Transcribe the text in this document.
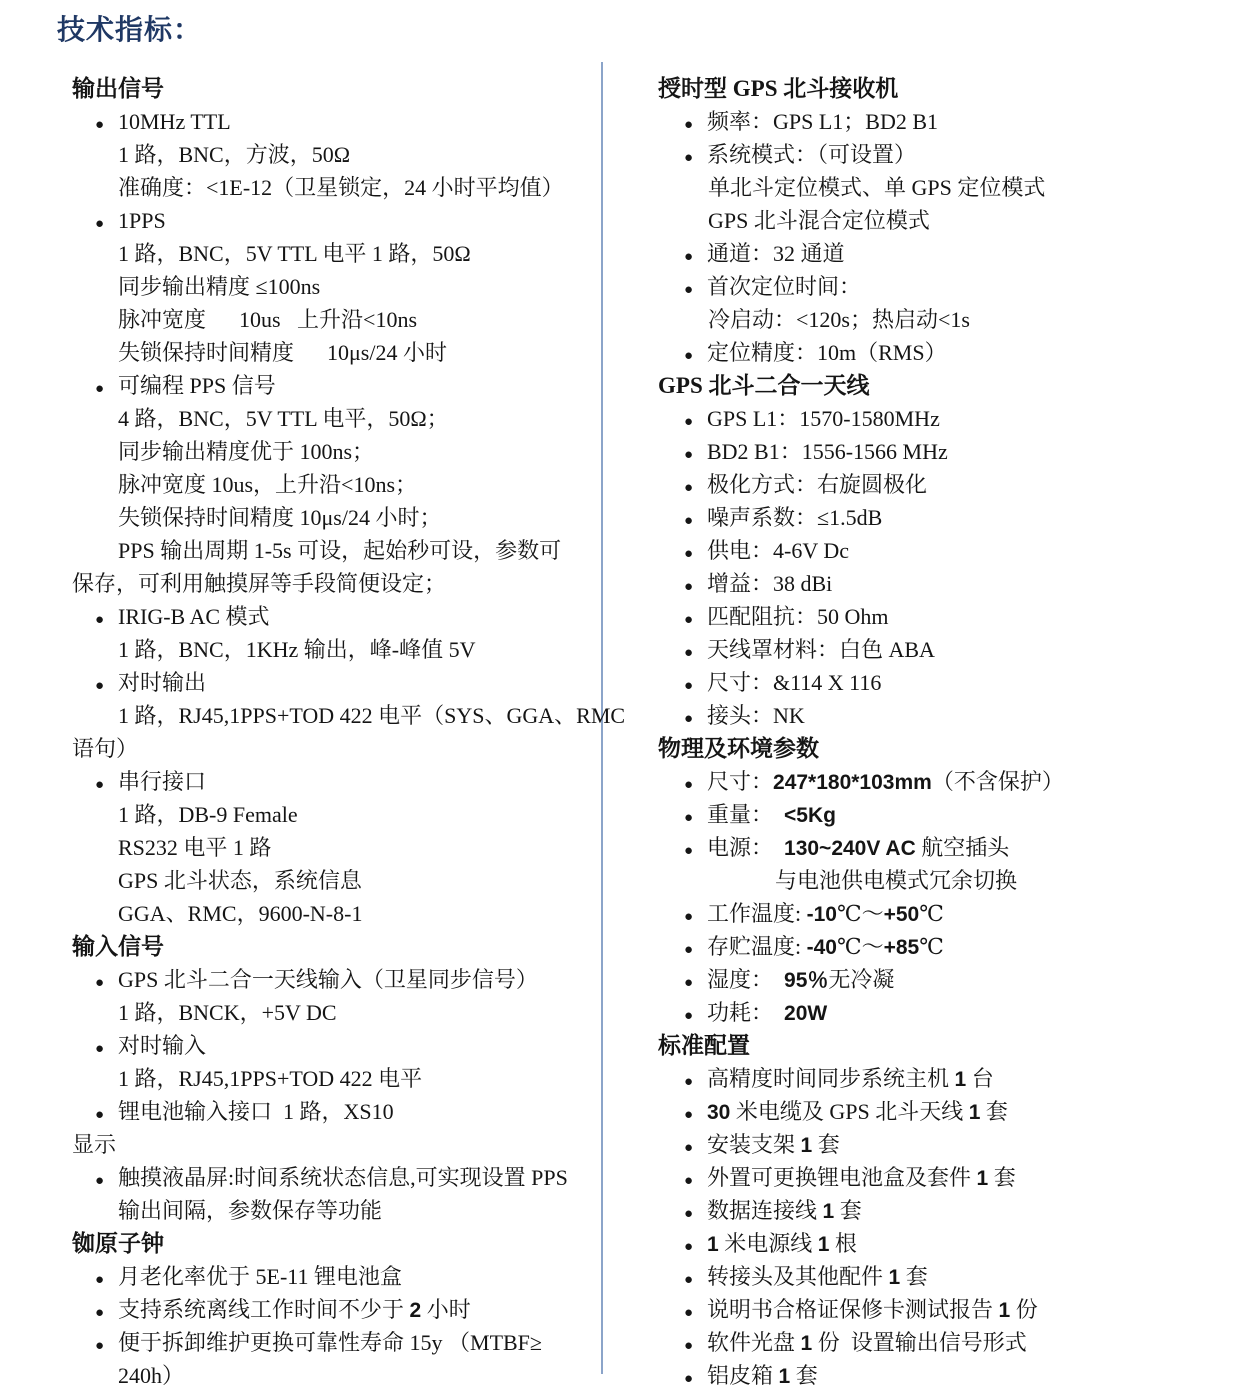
技术指标：
输出信号
● 10MHz TTL
1 路，BNC，方波，50Ω
准确度：<1E-12（卫星锁定，24 小时平均值）
● 1PPS
1 路，BNC，5V TTL 电平 1 路，50Ω
同步输出精度 ≤100ns
脉冲宽度      10us   上升沿<10ns
失锁保持时间精度      10μs/24 小时
● 可编程 PPS 信号
4 路，BNC，5V TTL 电平，50Ω；
同步输出精度优于 100ns；
脉冲宽度 10us，上升沿<10ns；
失锁保持时间精度 10μs/24 小时；
PPS 输出周期 1-5s 可设，起始秒可设，参数可
保存，可利用触摸屏等手段简便设定；
● IRIG-B AC 模式
1 路，BNC，1KHz 输出，峰-峰值 5V
● 对时输出
1 路，RJ45,1PPS+TOD 422 电平（SYS、GGA、RMC
语句）
● 串行接口
1 路，DB-9 Female
RS232 电平 1 路
GPS 北斗状态，系统信息
GGA、RMC，9600-N-8-1
输入信号
● GPS 北斗二合一天线输入（卫星同步信号）
1 路，BNCK，+5V DC
● 对时输入
1 路，RJ45,1PPS+TOD 422 电平
● 锂电池输入接口  1 路，XS10
显示
● 触摸液晶屏:时间系统状态信息,可实现设置 PPS
输出间隔，参数保存等功能
铷原子钟
● 月老化率优于 5E-11 锂电池盒
● 支持系统离线工作时间不少于 2 小时
● 便于拆卸维护更换可靠性寿命 15y （MTBF≥
240h）
授时型 GPS 北斗接收机
● 频率：GPS L1；BD2 B1
● 系统模式：（可设置）
单北斗定位模式、单 GPS 定位模式
GPS 北斗混合定位模式
● 通道：32 通道
● 首次定位时间：
冷启动：<120s；热启动<1s
● 定位精度：10m（RMS）
GPS 北斗二合一天线
● GPS L1：1570-1580MHz
● BD2 B1：1556-1566 MHz
● 极化方式：右旋圆极化
● 噪声系数：≤1.5dB
● 供电：4-6V Dc
● 增益：38 dBi
● 匹配阻抗：50 Ohm
● 天线罩材料：白色 ABA
● 尺寸：&114 X 116
● 接头：NK
物理及环境参数
● 尺寸：247*180*103mm（不含保护）
● 重量：  <5Kg
● 电源：  130~240V AC 航空插头
与电池供电模式冗余切换
● 工作温度: -10℃～+50℃
● 存贮温度: -40℃～+85℃
● 湿度：  95％无冷凝
● 功耗：  20W
标准配置
● 高精度时间同步系统主机 1 台
● 30 米电缆及 GPS 北斗天线 1 套
● 安装支架 1 套
● 外置可更换锂电池盒及套件 1 套
● 数据连接线 1 套
● 1 米电源线 1 根
● 转接头及其他配件 1 套
● 说明书合格证保修卡测试报告 1 份
● 软件光盘 1 份  设置输出信号形式
● 铝皮箱 1 套
